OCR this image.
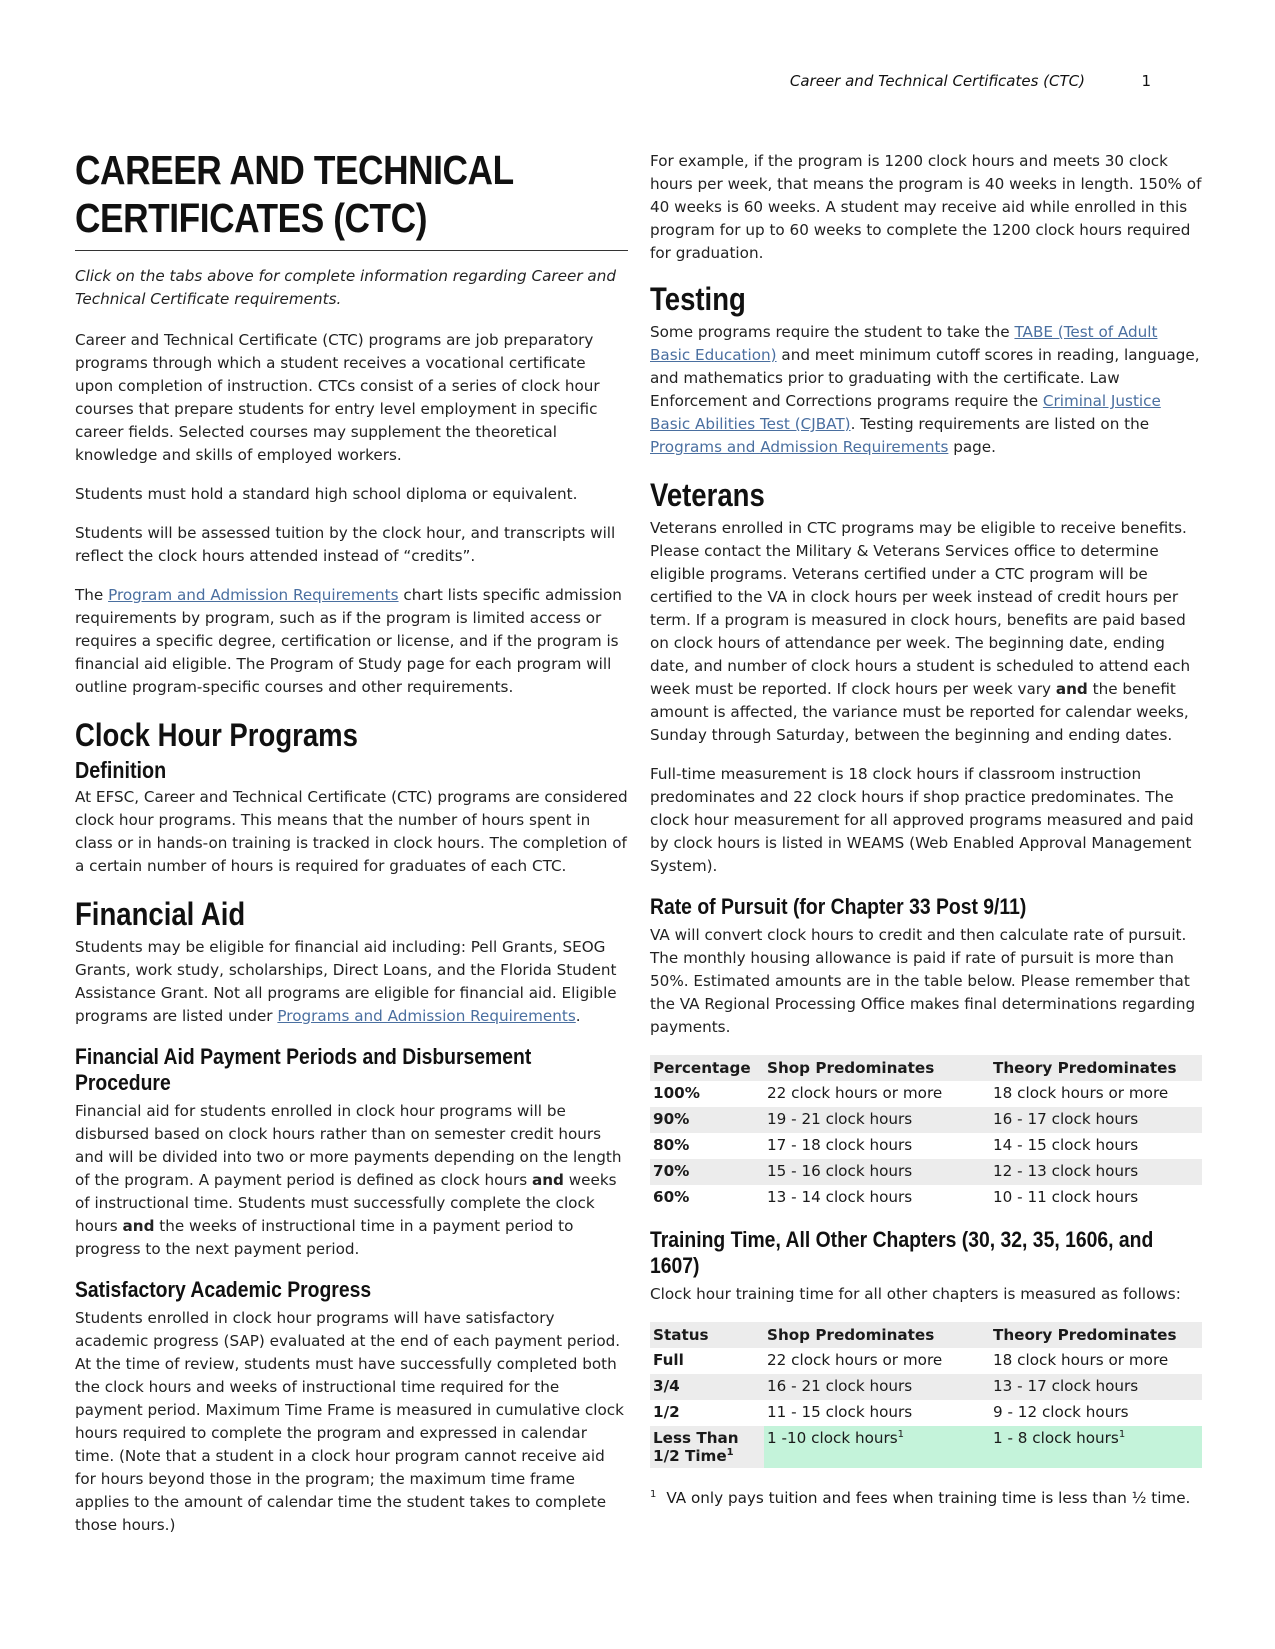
Career and Technical Certificates (CTC)	1
CAREER AND TECHNICAL
CERTIFICATES (CTC)

Click on the tabs above for complete information regarding Career and Technical Certificate requirements.

Career and Technical Certificate (CTC) programs are job preparatory programs through which a student receives a vocational certificate upon completion of instruction. CTCs consist of a series of clock hour courses that prepare students for entry level employment in specific career fields. Selected courses may supplement the theoretical knowledge and skills of employed workers.

Students must hold a standard high school diploma or equivalent.

Students will be assessed tuition by the clock hour, and transcripts will reflect the clock hours attended instead of “credits”.

The Program and Admission Requirements chart lists specific admission requirements by program, such as if the program is limited access or requires a specific degree, certification or license, and if the program is financial aid eligible. The Program of Study page for each program will outline program-specific courses and other requirements.

Clock Hour Programs
Definition

At EFSC, Career and Technical Certificate (CTC) programs are considered clock hour programs. This means that the number of hours spent in class or in hands-on training is tracked in clock hours. The completion of a certain number of hours is required for graduates of each CTC.

Financial Aid

Students may be eligible for financial aid including: Pell Grants, SEOG Grants, work study, scholarships, Direct Loans, and the Florida Student Assistance Grant. Not all programs are eligible for financial aid. Eligible programs are listed under Programs and Admission Requirements.

Financial Aid Payment Periods and Disbursement Procedure

Financial aid for students enrolled in clock hour programs will be disbursed based on clock hours rather than on semester credit hours and will be divided into two or more payments depending on the length of the program. A payment period is defined as clock hours and weeks of instructional time. Students must successfully complete the clock hours and the weeks of instructional time in a payment period to progress to the next payment period.

Satisfactory Academic Progress

Students enrolled in clock hour programs will have satisfactory academic progress (SAP) evaluated at the end of each payment period. At the time of review, students must have successfully completed both the clock hours and weeks of instructional time required for the payment period. Maximum Time Frame is measured in cumulative clock hours required to complete the program and expressed in calendar time. (Note that a student in a clock hour program cannot receive aid for hours beyond those in the program; the maximum time frame applies to the amount of calendar time the student takes to complete those hours.)

For example, if the program is 1200 clock hours and meets 30 clock hours per week, that means the program is 40 weeks in length. 150% of 40 weeks is 60 weeks. A student may receive aid while enrolled in this program for up to 60 weeks to complete the 1200 clock hours required for graduation.

Testing

Some programs require the student to take the TABE (Test of Adult Basic Education) and meet minimum cutoff scores in reading, language, and mathematics prior to graduating with the certificate. Law Enforcement and Corrections programs require the Criminal Justice Basic Abilities Test (CJBAT). Testing requirements are listed on the Programs and Admission Requirements page.

Veterans

Veterans enrolled in CTC programs may be eligible to receive benefits. Please contact the Military & Veterans Services office to determine eligible programs. Veterans certified under a CTC program will be certified to the VA in clock hours per week instead of credit hours per term. If a program is measured in clock hours, benefits are paid based on clock hours of attendance per week. The beginning date, ending date, and number of clock hours a student is scheduled to attend each week must be reported. If clock hours per week vary and the benefit amount is affected, the variance must be reported for calendar weeks, Sunday through Saturday, between the beginning and ending dates.

Full-time measurement is 18 clock hours if classroom instruction predominates and 22 clock hours if shop practice predominates. The clock hour measurement for all approved programs measured and paid by clock hours is listed in WEAMS (Web Enabled Approval Management System).

Rate of Pursuit (for Chapter 33 Post 9/11)

VA will convert clock hours to credit and then calculate rate of pursuit. The monthly housing allowance is paid if rate of pursuit is more than 50%. Estimated amounts are in the table below. Please remember that the VA Regional Processing Office makes final determinations regarding payments.

Percentage	Shop Predominates	Theory Predominates
100%	22 clock hours or more	18 clock hours or more
90%	19 - 21 clock hours	16 - 17 clock hours
80%	17 - 18 clock hours	14 - 15 clock hours
70%	15 - 16 clock hours	12 - 13 clock hours
60%	13 - 14 clock hours	10 - 11 clock hours
Training Time, All Other Chapters (30, 32, 35, 1606, and 1607)

Clock hour training time for all other chapters is measured as follows:

Status	Shop Predominates	Theory Predominates
Full	22 clock hours or more	18 clock hours or more
3/4	16 - 21 clock hours	13 - 17 clock hours
1/2	11 - 15 clock hours	9 - 12 clock hours
Less Than 1/2 Time$^1$	1 -10 clock hours$^1$	1 - 8 clock hours$^1$
$^1$ VA only pays tuition and fees when training time is less than ½ time.
